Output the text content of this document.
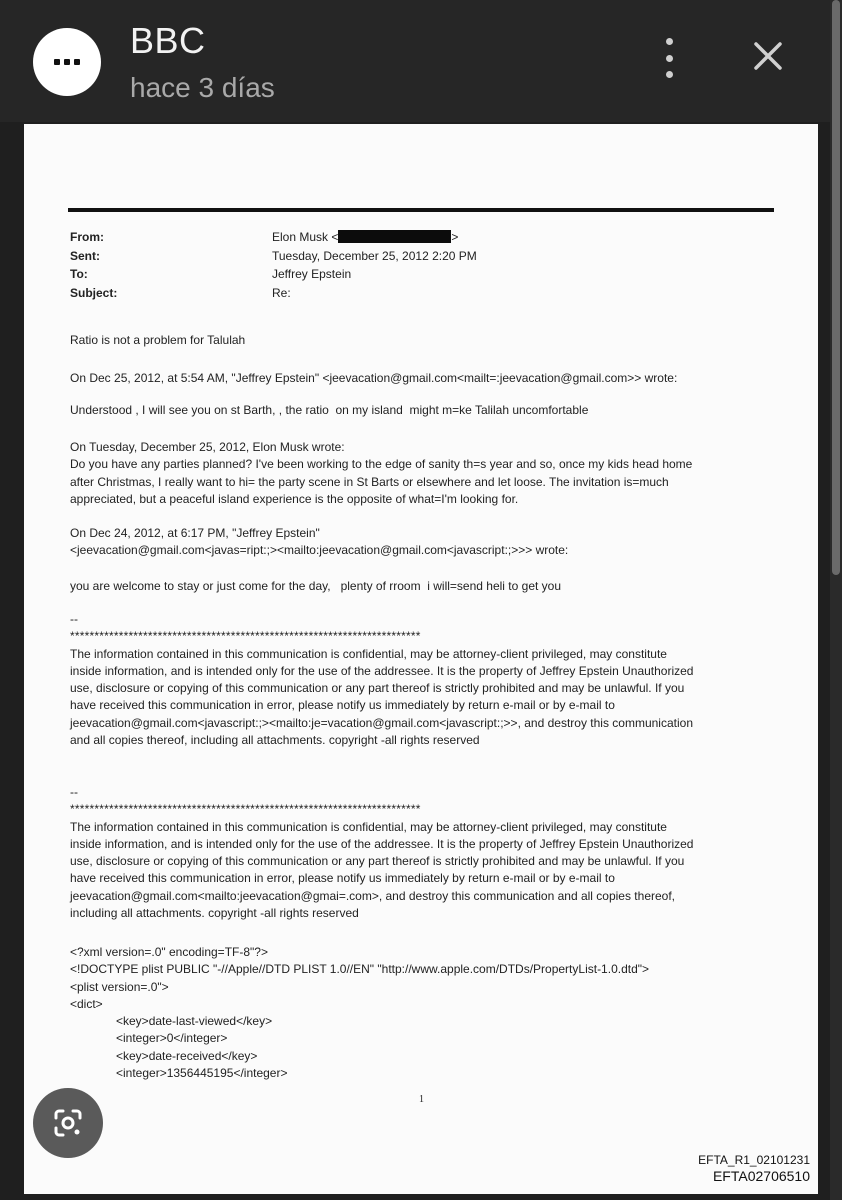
BBC
hace 3 días
From:	Elon Musk <	>
Sent:	Tuesday, December 25, 2012 2:20 PM
To:	Jeffrey Epstein
Subject:	Re:

Ratio is not a problem for Talulah

On Dec 25, 2012, at 5:54 AM, "Jeffrey Epstein" <jeevacation@gmail.com<mailt=:jeevacation@gmail.com>> wrote:

Understood , I will see you on st Barth, , the ratio  on my island  might m=ke Talilah uncomfortable

On Tuesday, December 25, 2012, Elon Musk wrote:

Do you have any parties planned? I've been working to the edge of sanity th=s year and so, once my kids head home

after Christmas, I really want to hi= the party scene in St Barts or elsewhere and let loose. The invitation is=much

appreciated, but a peaceful island experience is the opposite of what=I'm looking for.

On Dec 24, 2012, at 6:17 PM, "Jeffrey Epstein"

<jeevacation@gmail.com<javas=ript:;><mailto:jeevacation@gmail.com<javascript:;>>> wrote:

you are welcome to stay or just come for the day,   plenty of rroom  i will=send heli to get you

--

************************************************************************

The information contained in this communication is confidential, may be attorney-client privileged, may constitute

inside information, and is intended only for the use of the addressee. It is the property of Jeffrey Epstein Unauthorized

use, disclosure or copying of this communication or any part thereof is strictly prohibited and may be unlawful. If you

have received this communication in error, please notify us immediately by return e-mail or by e-mail to

jeevacation@gmail.com<javascript:;><mailto:je=vacation@gmail.com<javascript:;>>, and destroy this communication

and all copies thereof, including all attachments. copyright -all rights reserved

--

************************************************************************

The information contained in this communication is confidential, may be attorney-client privileged, may constitute

inside information, and is intended only for the use of the addressee. It is the property of Jeffrey Epstein Unauthorized

use, disclosure or copying of this communication or any part thereof is strictly prohibited and may be unlawful. If you

have received this communication in error, please notify us immediately by return e-mail or by e-mail to

jeevacation@gmail.com<mailto:jeevacation@gmai=.com>, and destroy this communication and all copies thereof,

including all attachments. copyright -all rights reserved

<?xml version=.0" encoding=TF-8"?>

<!DOCTYPE plist PUBLIC "-//Apple//DTD PLIST 1.0//EN" "http://www.apple.com/DTDs/PropertyList-1.0.dtd">

<plist version=.0">

<dict>

<key>date-last-viewed</key>

<integer>0</integer>

<key>date-received</key>

<integer>1356445195</integer>

1
EFTA_R1_02101231
EFTA02706510
